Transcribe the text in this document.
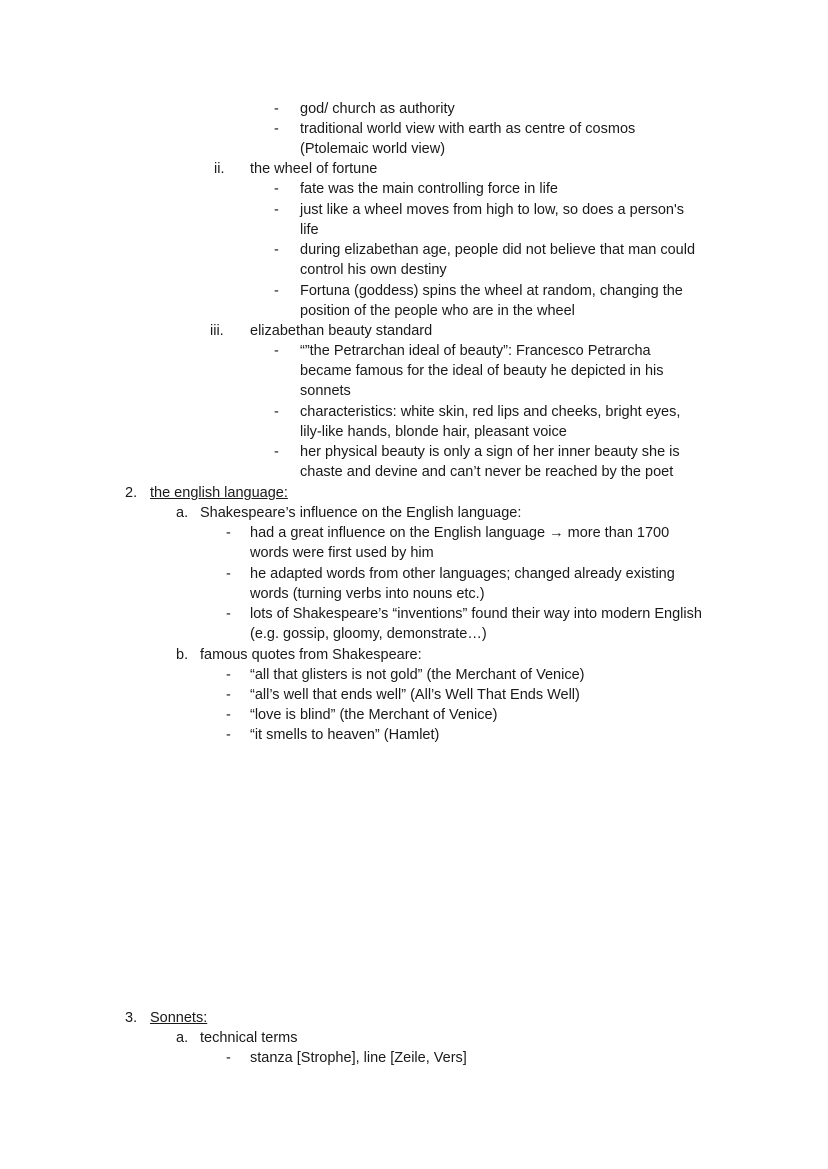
- god/ church as authority
- traditional world view with earth as centre of cosmos
(Ptolemaic world view)
ii. the wheel of fortune
- fate was the main controlling force in life
- just like a wheel moves from high to low, so does a person's
life
- during elizabethan age, people did not believe that man could
control his own destiny
- Fortuna (goddess) spins the wheel at random, changing the
position of the people who are in the wheel
iii. elizabethan beauty standard
- “”the Petrarchan ideal of beauty”: Francesco Petrarcha
became famous for the ideal of beauty he depicted in his
sonnets
- characteristics: white skin, red lips and cheeks, bright eyes,
lily-like hands, blonde hair, pleasant voice
- her physical beauty is only a sign of her inner beauty she is
chaste and devine and can’t never be reached by the poet
2. the english language:
a. Shakespeare’s influence on the English language:
- had a great influence on the English language → more than 1700
words were first used by him
- he adapted words from other languages; changed already existing
words (turning verbs into nouns etc.)
- lots of Shakespeare’s “inventions” found their way into modern English
(e.g. gossip, gloomy, demonstrate…)
b. famous quotes from Shakespeare:
- “all that glisters is not gold” (the Merchant of Venice)
- “all’s well that ends well” (All’s Well That Ends Well)
- “love is blind” (the Merchant of Venice)
- “it smells to heaven” (Hamlet)
3. Sonnets:
a. technical terms
- stanza [Strophe], line [Zeile, Vers]
